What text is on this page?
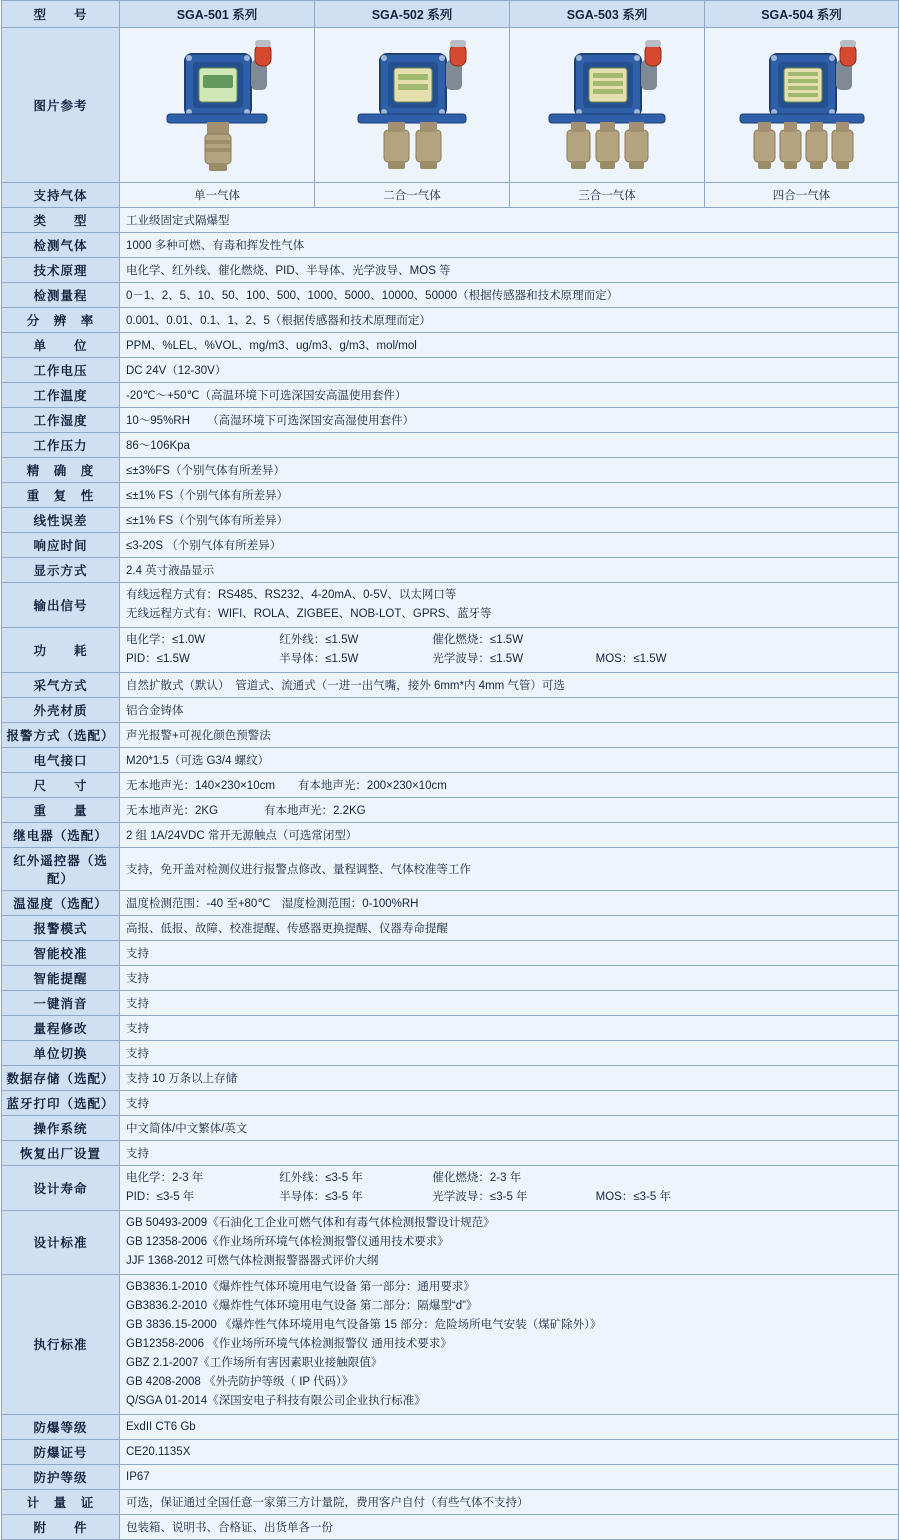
型　　号	SGA-501 系列	SGA-502 系列	SGA-503 系列	SGA-504 系列
图片参考	

支持气体	单一气体	二合一气体	三合一气体	四合一气体
类　　型	工业级固定式隔爆型			
检测气体	1000 多种可燃、有毒和挥发性气体			
技术原理	电化学、红外线、催化燃烧、PID、半导体、光学波导、MOS 等			
检测量程	0－1、2、5、10、50、100、500、1000、5000、10000、50000（根据传感器和技术原理而定）			
分　辨　率	0.001、0.01、0.1、1、2、5（根据传感器和技术原理而定）			
单　　位	PPM、%LEL、%VOL、mg/m3、ug/m3、g/m3、mol/mol			
工作电压	DC 24V（12-30V）			
工作温度	-20℃～+50℃（高温环境下可选深国安高温使用套件）			
工作湿度	10～95%RH　　（高湿环境下可选深国安高湿使用套件）			
工作压力	86～106Kpa			
精　确　度	≤±3%FS（个别气体有所差异）			
重　复　性	≤±1% FS（个别气体有所差异）			
线性误差	≤±1% FS（个别气体有所差异）			
响应时间	≤3-20S （个别气体有所差异）			
显示方式	2.4 英寸液晶显示			
输出信号	有线远程方式有：RS485、RS232、4-20mA、0-5V、以太网口等
无线远程方式有：WIFI、ROLA、ZIGBEE、NOB-LOT、GPRS、蓝牙等			

功　　耗	电化学：≤1.0W 红外线：≤1.5W 催化燃烧：≤1.5W
PID：≤1.5W 半导体：≤1.5W 光学波导：≤1.5W MOS：≤1.5W			

采气方式	自然扩散式（默认）　管道式、流通式（一进一出气嘴，接外 6mm*内 4mm 气管）可选			
外壳材质	铝合金铸体			
报警方式（选配）	声光报警+可视化颜色预警法			
电气接口	M20*1.5（可选 G3/4 螺纹）			
尺　　寸	无本地声光：140×230×10cm　　有本地声光：200×230×10cm			
重　　量	无本地声光：2KG　　　　有本地声光：2.2KG			
继电器（选配）	2 组 1A/24VDC 常开无源触点（可选常闭型）			
红外遥控器（选配）	支持，免开盖对检测仪进行报警点修改、量程调整、气体校准等工作			
温湿度（选配）	温度检测范围：-40 至+80℃　湿度检测范围：0-100%RH			
报警模式	高报、低报、故障、校准提醒、传感器更换提醒、仪器寿命提醒			
智能校准	支持			
智能提醒	支持			
一键消音	支持			
量程修改	支持			
单位切换	支持			
数据存储（选配）	支持 10 万条以上存储			
蓝牙打印（选配）	支持			
操作系统	中文简体/中文繁体/英文			
恢复出厂设置	支持			
设计寿命	电化学：2-3 年 红外线：≤3-5 年 催化燃烧：2-3 年
PID：≤3-5 年 半导体：≤3-5 年 光学波导：≤3-5 年 MOS：≤3-5 年			

设计标准	GB 50493-2009《石油化工企业可燃气体和有毒气体检测报警设计规范》
GB 12358-2006《作业场所环境气体检测报警仪通用技术要求》
JJF 1368-2012 可燃气体检测报警器器式评价大纲			

执行标准	
GB3836.1-2010《爆炸性气体环境用电气设备 第一部分：通用要求》
GB3836.2-2010《爆炸性气体环境用电气设备 第二部分：隔爆型“d”》
GB 3836.15-2000 《爆炸性气体环境用电气设备第 15 部分：危险场所电气安装（煤矿除外）》
GB12358-2006 《作业场所环境气体检测报警仪 通用技术要求》
GBZ 2.1-2007《工作场所有害因素职业接触限值》
GB 4208-2008 《外壳防护等级（ IP 代码）》
Q/SGA 01-2014《深国安电子科技有限公司企业执行标准》

防爆等级	ExdII CT6 Gb			
防爆证号	CE20.1135X			
防护等级	IP67			
计　量　证	可选，保证通过全国任意一家第三方计量院，费用客户自付（有些气体不支持）			
附　　件	包装箱、说明书、合格证、出货单各一份			
